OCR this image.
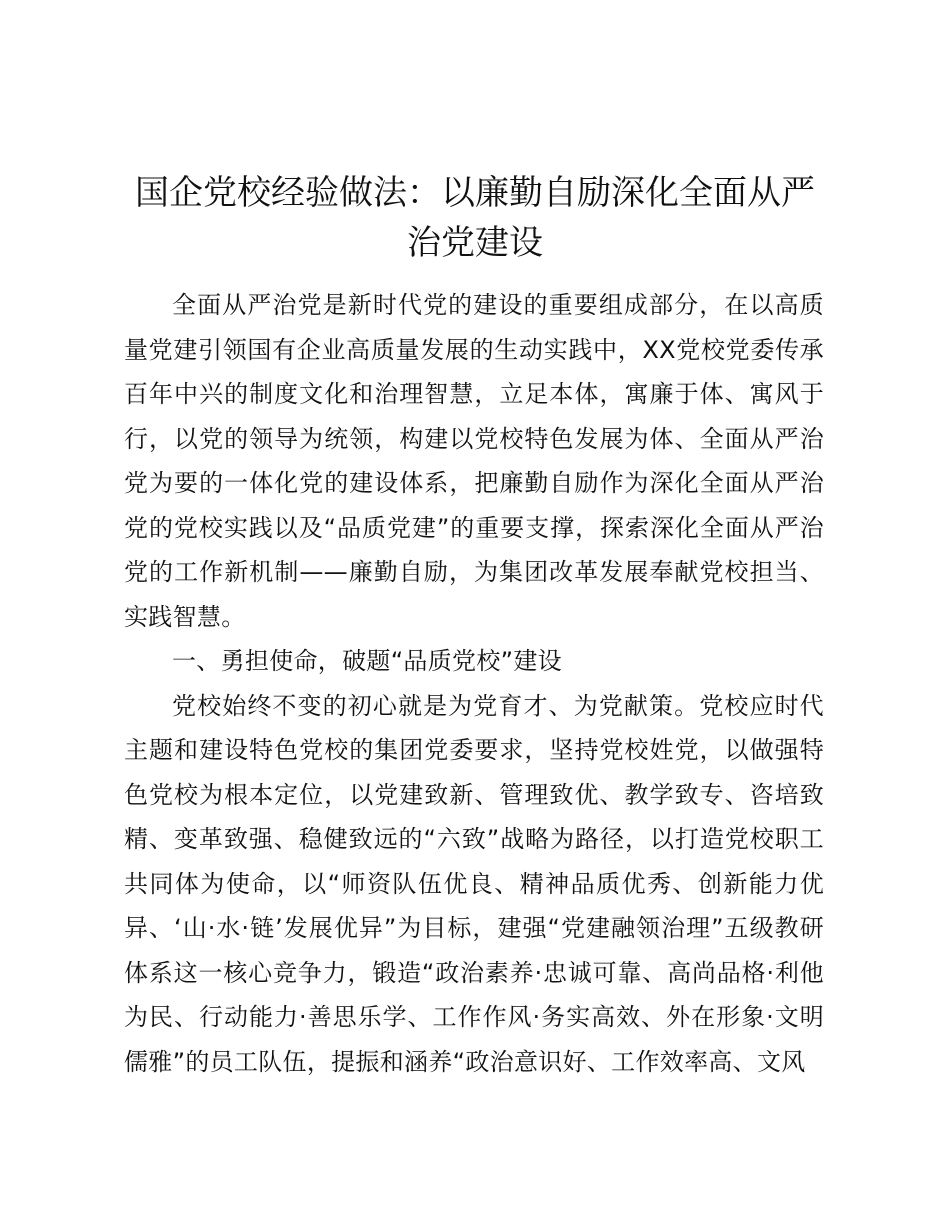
国企党校经验做法：以廉勤自励深化全面从严治党建设

全面从严治党是新时代党的建设的重要组成部分，在以高质量党建引领国有企业高质量发展的生动实践中，XX党校党委传承百年中兴的制度文化和治理智慧，立足本体，寓廉于体、寓风于行，以党的领导为统领，构建以党校特色发展为体、全面从严治党为要的一体化党的建设体系，把廉勤自励作为深化全面从严治党的党校实践以及“品质党建”的重要支撑，探索深化全面从严治党的工作新机制——廉勤自励，为集团改革发展奉献党校担当、实践智慧。

一、勇担使命，破题“品质党校”建设

党校始终不变的初心就是为党育才、为党献策。党校应时代主题和建设特色党校的集团党委要求，坚持党校姓党，以做强特色党校为根本定位，以党建致新、管理致优、教学致专、咨培致精、变革致强、稳健致远的“六致”战略为路径，以打造党校职工共同体为使命，以“师资队伍优良、精神品质优秀、创新能力优异、‘山·水·链’发展优异”为目标，建强“党建融领治理”五级教研体系这一核心竞争力，锻造“政治素养·忠诚可靠、高尚品格·利他为民、行动能力·善思乐学、工作作风·务实高效、外在形象·文明儒雅”的员工队伍，提振和涵养“政治意识好、工作效率高、文风
